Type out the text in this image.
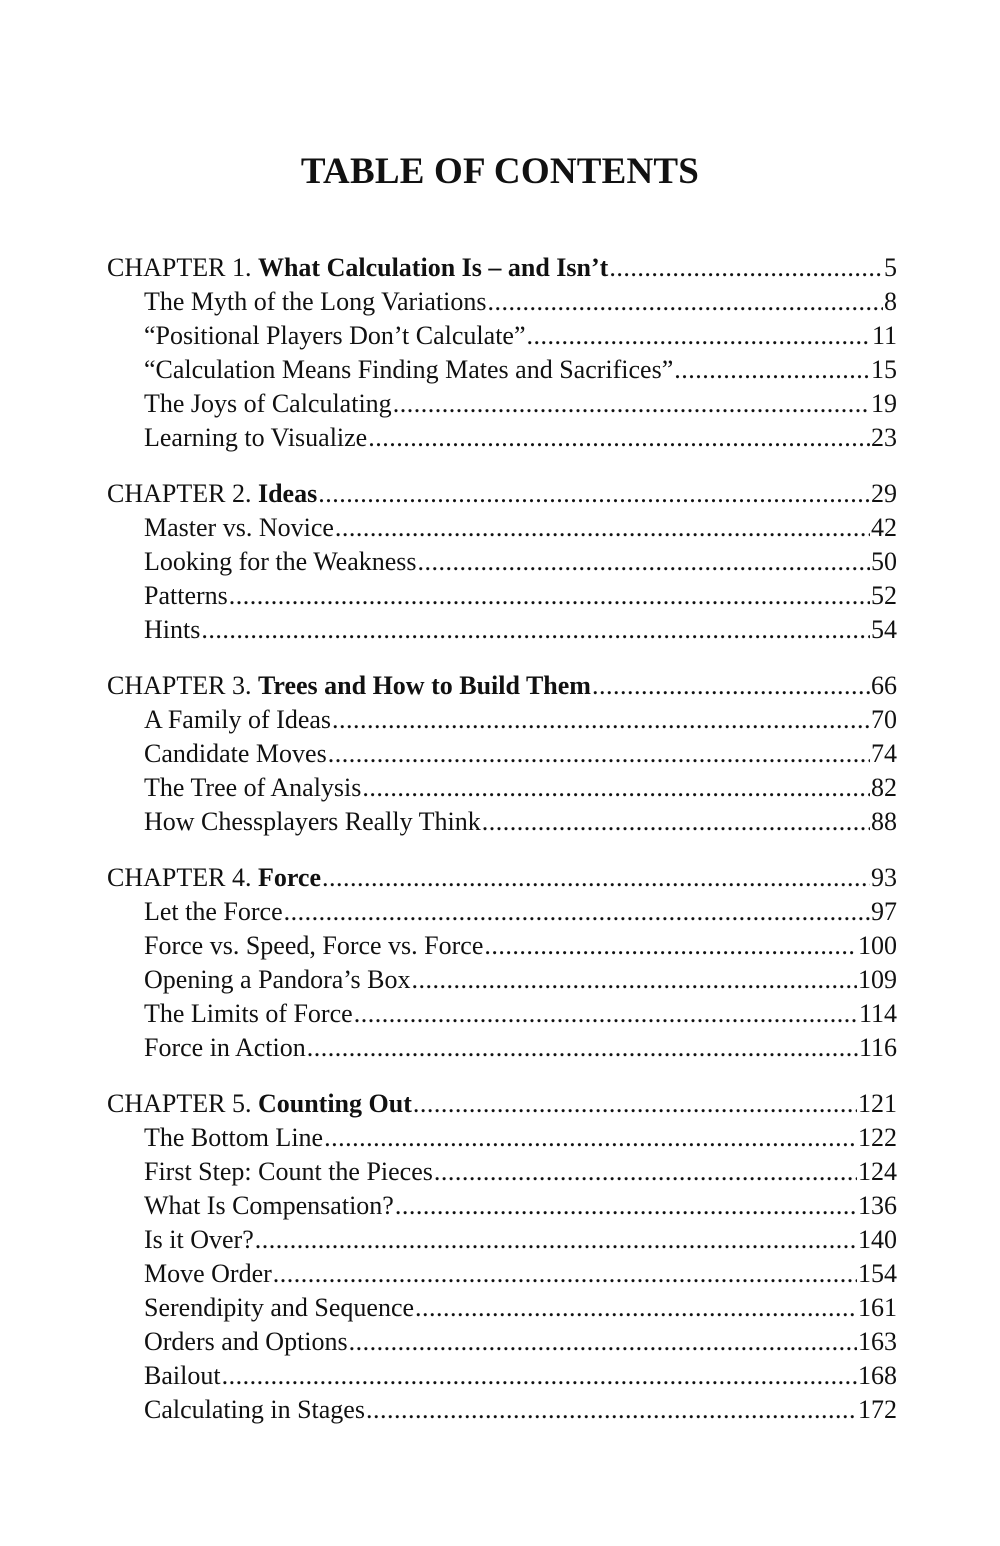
TABLE OF CONTENTS
CHAPTER 1. What Calculation Is – and Isn’t .....	5
The Myth of the Long Variations .....	8
“Positional Players Don’t Calculate” .....	11
“Calculation Means Finding Mates and Sacrifices” .....	15
The Joys of Calculating .....	19
Learning to Visualize .....	23
CHAPTER 2. Ideas .....	29
Master vs. Novice .....	42
Looking for the Weakness .....	50
Patterns .....	52
Hints .....	54
CHAPTER 3. Trees and How to Build Them .....	66
A Family of Ideas .....	70
Candidate Moves .....	74
The Tree of Analysis .....	82
How Chessplayers Really Think .....	88
CHAPTER 4. Force .....	93
Let the Force .....	97
Force vs. Speed, Force vs. Force .....	100
Opening a Pandora’s Box .....	109
The Limits of Force .....	114
Force in Action .....	116
CHAPTER 5. Counting Out .....	121
The Bottom Line .....	122
First Step: Count the Pieces .....	124
What Is Compensation? .....	136
Is it Over? .....	140
Move Order .....	154
Serendipity and Sequence .....	161
Orders and Options .....	163
Bailout .....	168
Calculating in Stages .....	172
